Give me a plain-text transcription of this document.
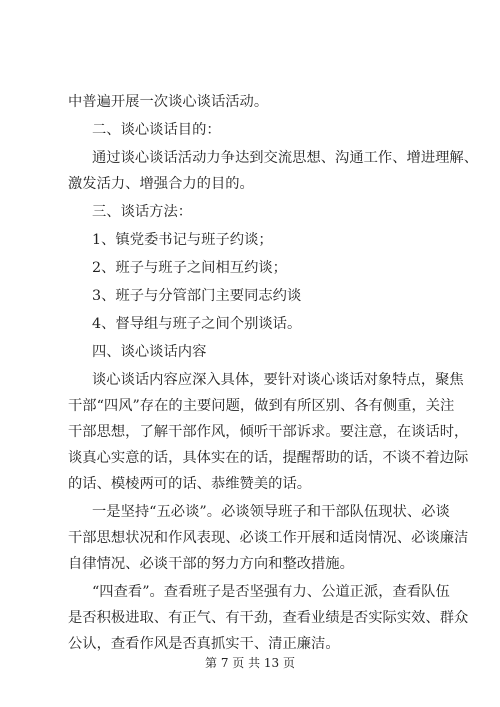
中普遍开展一次谈心谈话活动。
二、谈心谈话目的：
通过谈心谈话活动力争达到交流思想、沟通工作、增进理解、
激发活力、增强合力的目的。
三、谈话方法：
1、镇党委书记与班子约谈；
2、班子与班子之间相互约谈；
3、班子与分管部门主要同志约谈
4、督导组与班子之间个别谈话。
四、谈心谈话内容
谈心谈话内容应深入具体，要针对谈心谈话对象特点，聚焦
干部“四风”存在的主要问题，做到有所区别、各有侧重，关注
干部思想，了解干部作风，倾听干部诉求。要注意，在谈话时，
谈真心实意的话，具体实在的话，提醒帮助的话，不谈不着边际
的话、模棱两可的话、恭维赞美的话。
一是坚持“五必谈”。必谈领导班子和干部队伍现状、必谈
干部思想状况和作风表现、必谈工作开展和适岗情况、必谈廉洁
自律情况、必谈干部的努力方向和整改措施。
“四查看”。查看班子是否坚强有力、公道正派，查看队伍
是否积极进取、有正气、有干劲，查看业绩是否实际实效、群众
公认，查看作风是否真抓实干、清正廉洁。
第 7 页 共 13 页
